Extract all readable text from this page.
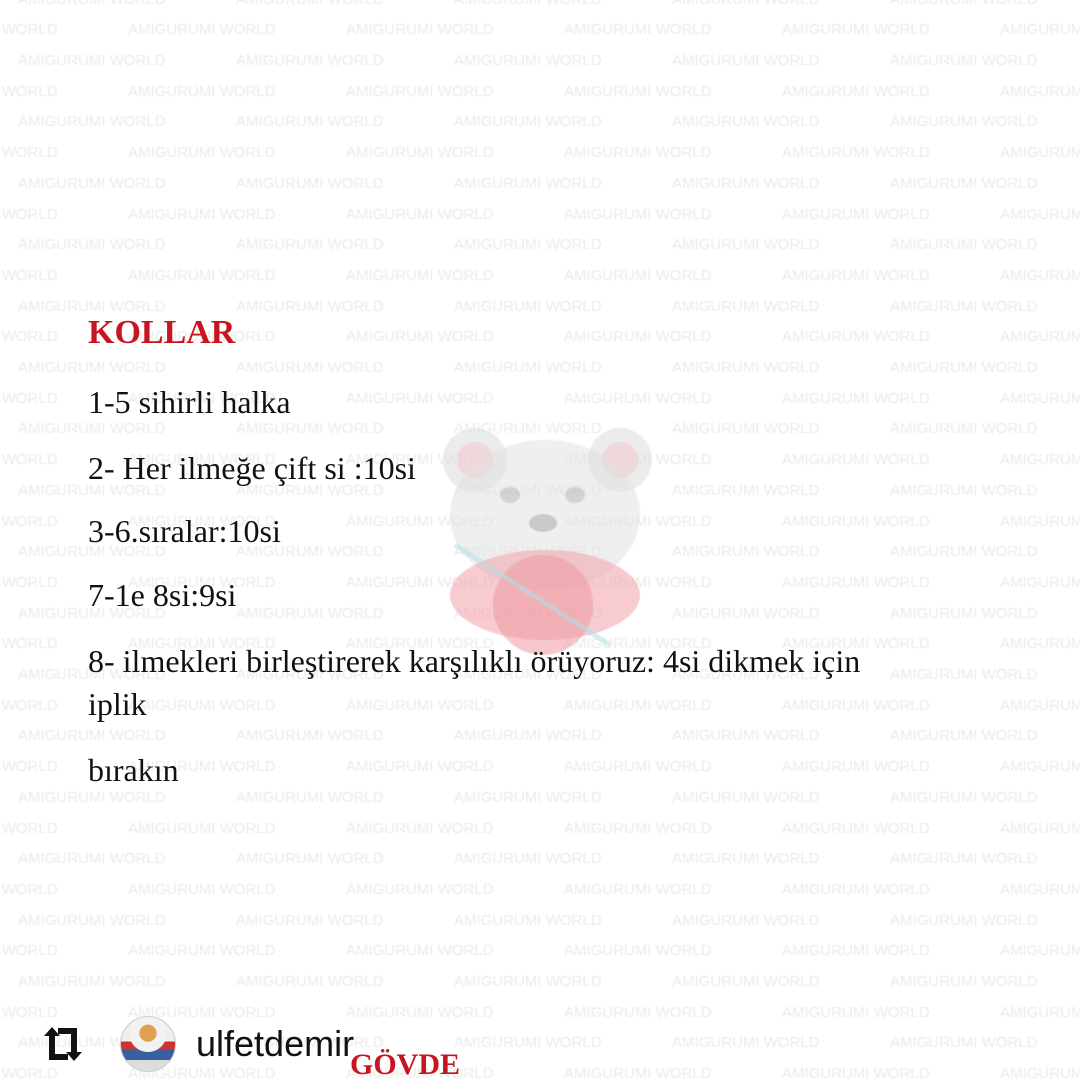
KOLLAR
1-5 sihirli halka
2- Her ilmeğe çift si :10si
3-6.sıralar:10si
7-1e 8si:9si
8- ilmekleri birleştirerek karşılıklı örüyoruz: 4si dikmek için
iplik
bırakın
ulfetdemir
GÖVDE
